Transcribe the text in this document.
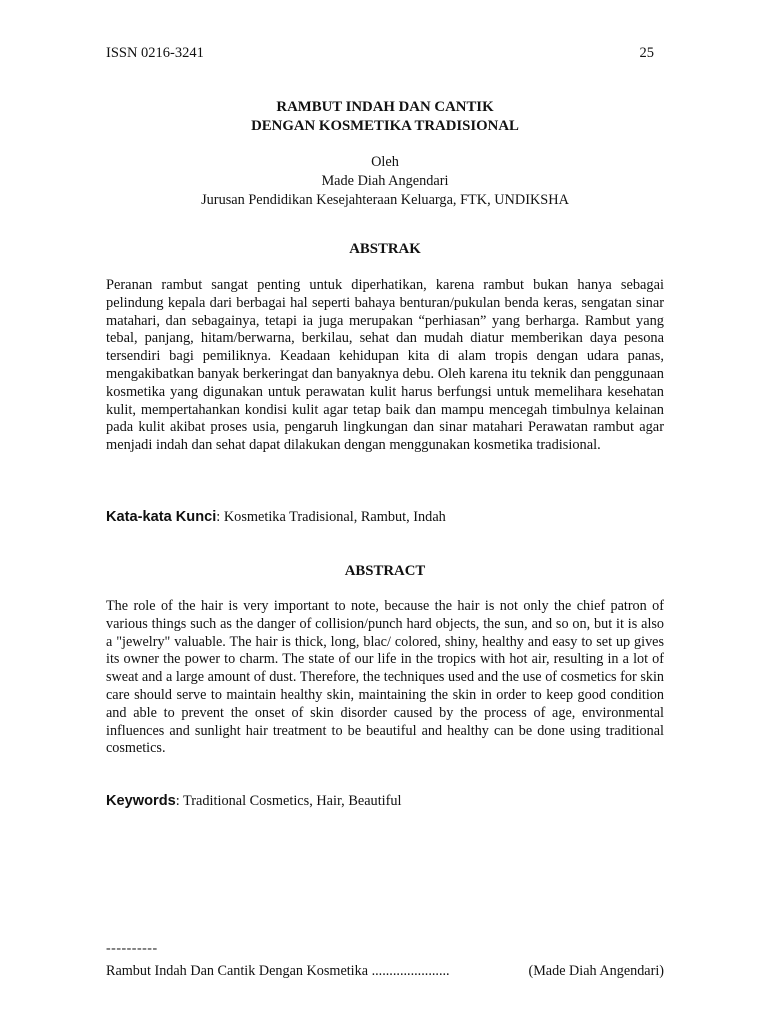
ISSN 0216-3241	25
RAMBUT INDAH DAN CANTIK
DENGAN KOSMETIKA TRADISIONAL
Oleh
Made Diah Angendari
Jurusan Pendidikan Kesejahteraan Keluarga, FTK, UNDIKSHA
ABSTRAK

Peranan rambut sangat penting untuk diperhatikan, karena rambut bukan hanya sebagai pelindung kepala dari berbagai hal seperti bahaya benturan/pukulan benda keras, sengatan sinar matahari, dan sebagainya, tetapi ia juga merupakan “perhiasan” yang berharga. Rambut yang tebal, panjang, hitam/berwarna, berkilau, sehat dan mudah diatur memberikan daya pesona tersendiri bagi pemiliknya. Keadaan kehidupan kita di alam tropis dengan udara panas, mengakibatkan banyak berkeringat dan banyaknya debu. Oleh karena itu teknik dan penggunaan kosmetika yang digunakan untuk perawatan kulit harus berfungsi untuk memelihara kesehatan kulit, mempertahankan kondisi kulit agar tetap baik dan mampu mencegah timbulnya kelainan pada kulit akibat proses usia, pengaruh lingkungan dan sinar matahari Perawatan rambut agar menjadi indah dan sehat dapat dilakukan dengan menggunakan kosmetika tradisional.

Kata-kata Kunci: Kosmetika Tradisional, Rambut, Indah
ABSTRACT

The role of the hair is very important to note, because the hair is not only the chief patron of various things such as the danger of collision/punch hard objects, the sun, and so on, but it is also a "jewelry" valuable. The hair is thick, long, blac/ colored, shiny, healthy and easy to set up gives its owner the power to charm. The state of our life in the tropics with hot air, resulting in a lot of sweat and a large amount of dust. Therefore, the techniques used and the use of cosmetics for skin care should serve to maintain healthy skin, maintaining the skin in order to keep good condition and able to prevent the onset of skin disorder caused by the process of age, environmental influences and sunlight hair treatment to be beautiful and healthy can be done using traditional cosmetics.

Keywords: Traditional Cosmetics, Hair, Beautiful
----------
Rambut Indah Dan Cantik Dengan Kosmetika ......................	(Made Diah Angendari)
